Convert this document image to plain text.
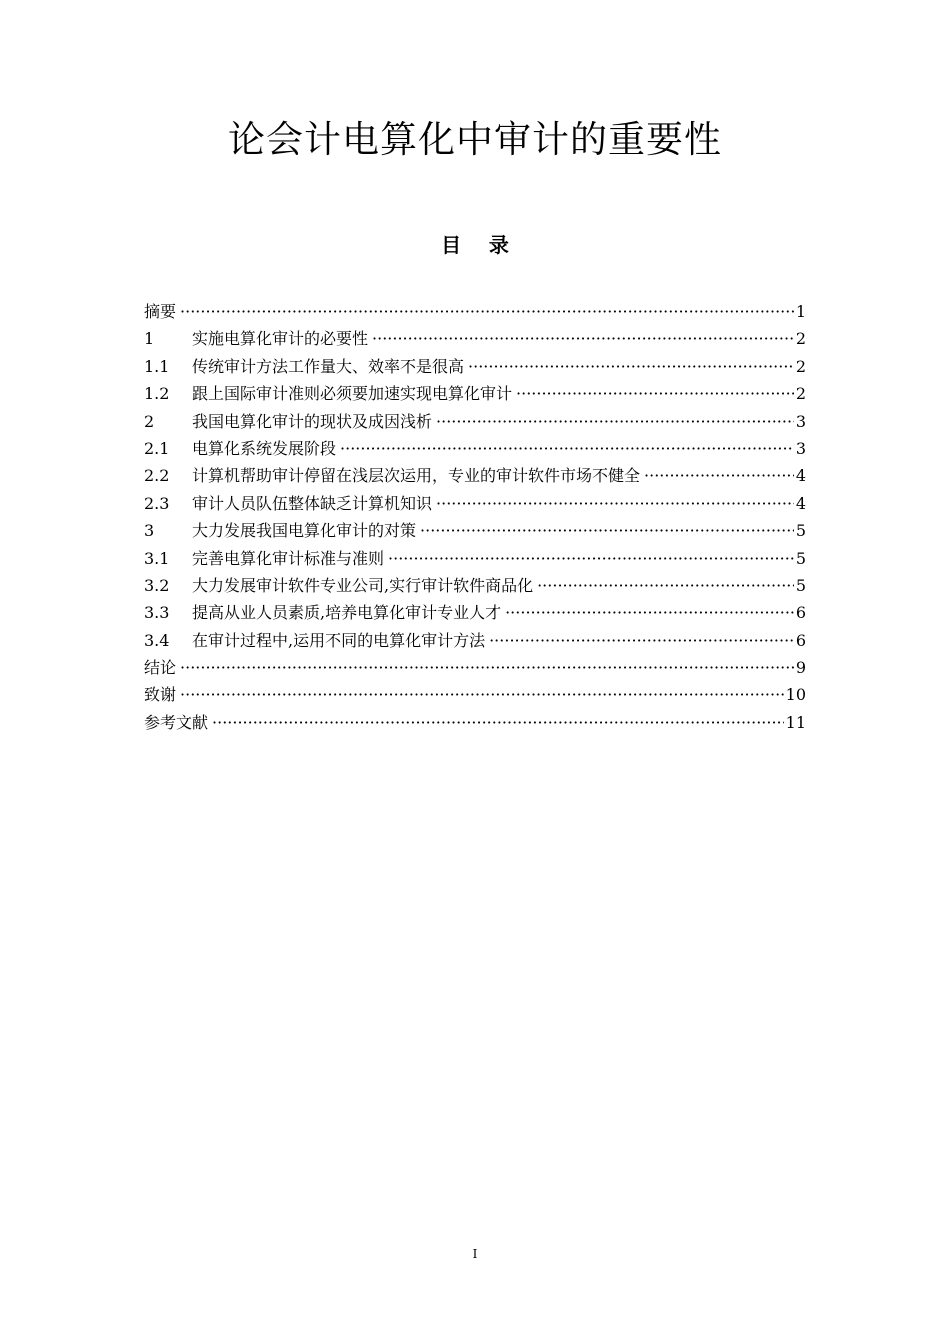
论会计电算化中审计的重要性
目    录
摘要 ·····	1
1	实施电算化审计的必要性 ·····	2
1.1	传统审计方法工作量大、效率不是很高 ·····	2
1.2	跟上国际审计准则必须要加速实现电算化审计 ·····	2
2	我国电算化审计的现状及成因浅析 ·····	3
2.1	电算化系统发展阶段 ·····	3
2.2	计算机帮助审计停留在浅层次运用，专业的审计软件市场不健全 ·····	4
2.3	审计人员队伍整体缺乏计算机知识 ·····	4
3	大力发展我国电算化审计的对策 ·····	5
3.1	完善电算化审计标准与准则 ·····	5
3.2	大力发展审计软件专业公司,实行审计软件商品化 ·····	5
3.3	提高从业人员素质,培养电算化审计专业人才 ·····	6
3.4	在审计过程中,运用不同的电算化审计方法 ·····	6
结论 ·····	9
致谢 ·····	10
参考文献 ·····	11
I
